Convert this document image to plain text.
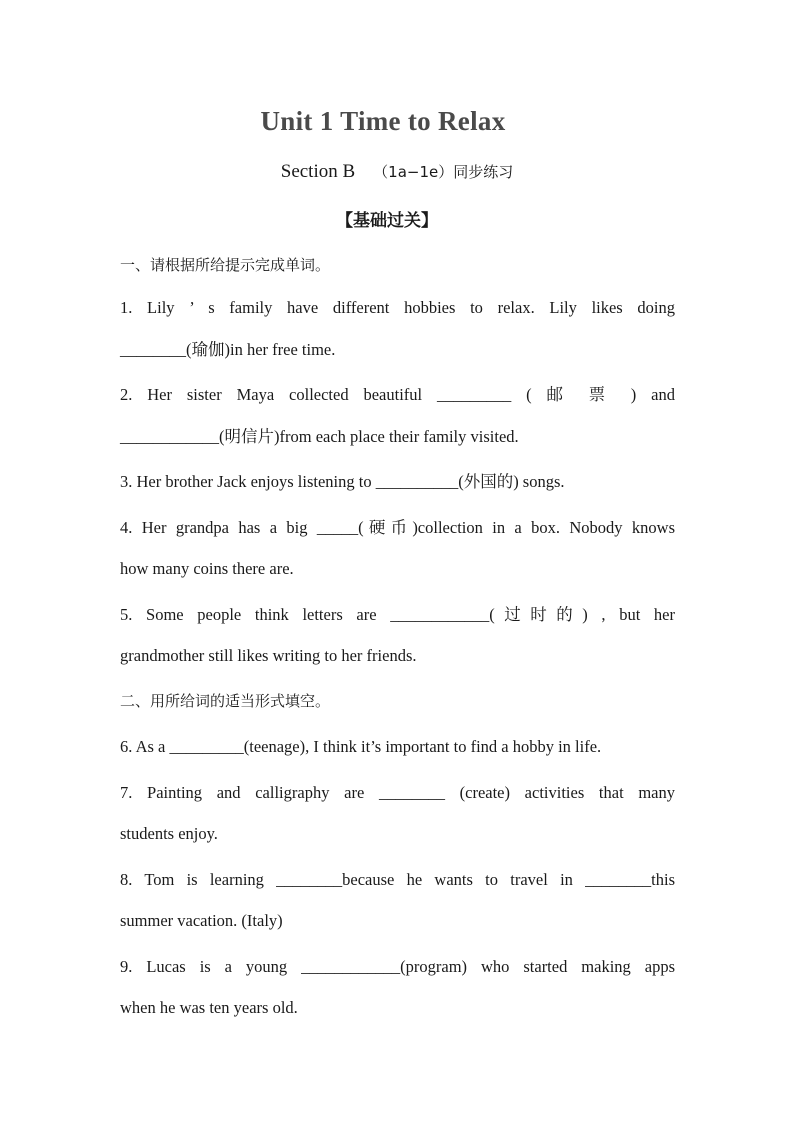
Unit 1 Time to Relax
Section B （1a−1e）同步练习
【基础过关】
一、请根据所给提示完成单词。
1. Lily ’ s family have different hobbies to relax. Lily likes doing
________(瑜伽)in her free time.
2. Her sister Maya collected beautiful _________ ( 邮 票 ) and
____________(明信片)from each place their family visited.
3. Her brother Jack enjoys listening to __________(外国的) songs.
4. Her grandpa has a big _____(硬币)collection in a box. Nobody knows
how many coins there are.
5. Some people think letters are ____________(过时的) , but her
grandmother still likes writing to her friends.
二、用所给词的适当形式填空。
6. As a _________(teenage), I think it’s important to find a hobby in life.
7. Painting and calligraphy are ________ (create) activities that many
students enjoy.
8. Tom is learning ________because he wants to travel in ________this
summer vacation. (Italy)
9. Lucas is a young ____________(program) who started making apps
when he was ten years old.
